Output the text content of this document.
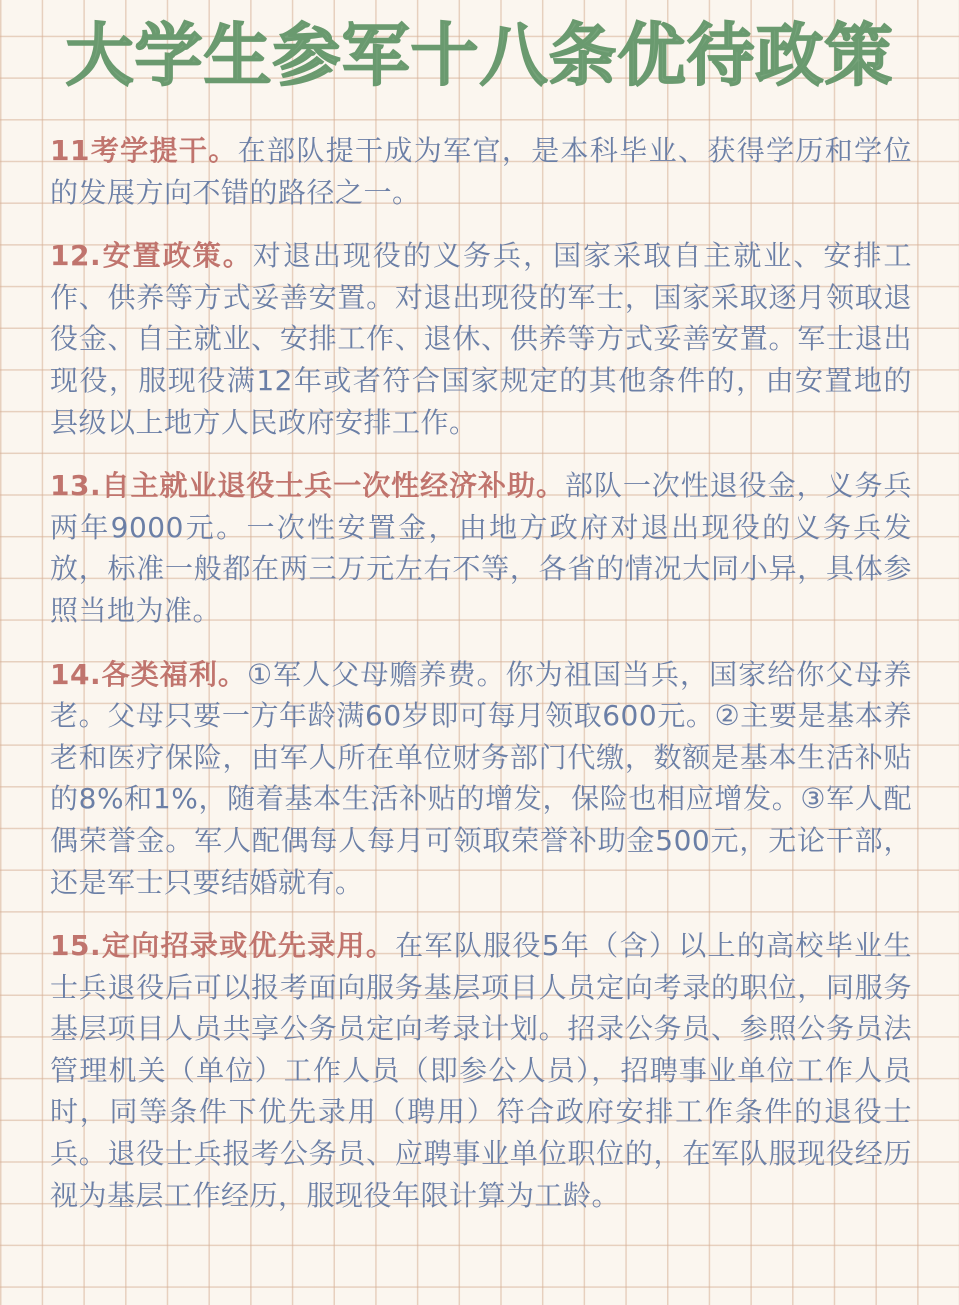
大学生参军十八条优待政策

11考学提干。在部队提干成为军官，是本科毕业、获得学历和学位的发展方向不错的路径之一。

12.安置政策。对退出现役的义务兵，国家采取自主就业、安排工作、供养等方式妥善安置。对退出现役的军士，国家采取逐月领取退役金、自主就业、安排工作、退休、供养等方式妥善安置。军士退出现役，服现役满12年或者符合国家规定的其他条件的，由安置地的县级以上地方人民政府安排工作。

13.自主就业退役士兵一次性经济补助。部队一次性退役金，义务兵两年9000元。一次性安置金，由地方政府对退出现役的义务兵发放，标准一般都在两三万元左右不等，各省的情况大同小异，具体参照当地为准。

14.各类福利。①军人父母赡养费。你为祖国当兵，国家给你父母养老。父母只要一方年龄满60岁即可每月领取600元。②主要是基本养老和医疗保险，由军人所在单位财务部门代缴，数额是基本生活补贴的8%和1%，随着基本生活补贴的增发，保险也相应增发。③军人配偶荣誉金。军人配偶每人每月可领取荣誉补助金500元，无论干部，还是军士只要结婚就有。

15.定向招录或优先录用。在军队服役5年（含）以上的高校毕业生士兵退役后可以报考面向服务基层项目人员定向考录的职位，同服务基层项目人员共享公务员定向考录计划。招录公务员、参照公务员法管理机关（单位）工作人员（即参公人员），招聘事业单位工作人员时，同等条件下优先录用（聘用）符合政府安排工作条件的退役士兵。退役士兵报考公务员、应聘事业单位职位的，在军队服现役经历视为基层工作经历，服现役年限计算为工龄。
